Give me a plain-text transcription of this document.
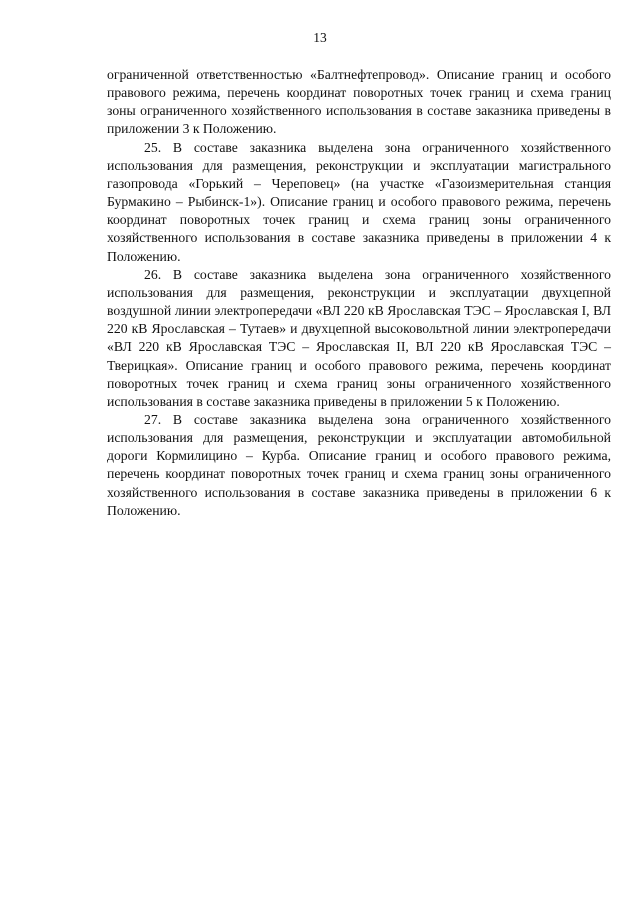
13

ограниченной ответственностью «Балтнефтепровод». Описание границ и особого правового режима, перечень координат поворотных точек границ и схема границ зоны ограниченного хозяйственного использования в составе заказника приведены в приложении 3 к Положению.

25. В составе заказника выделена зона ограниченного хозяйственного использования для размещения, реконструкции и эксплуатации магистрального газопровода «Горький – Череповец» (на участке «Газоизмерительная станция Бурмакино – Рыбинск-1»). Описание границ и особого правового режима, перечень координат поворотных точек границ и схема границ зоны ограниченного хозяйственного использования в составе заказника приведены в приложении 4 к Положению.

26. В составе заказника выделена зона ограниченного хозяйственного использования для размещения, реконструкции и эксплуатации двухцепной воздушной линии электропередачи «ВЛ 220 кВ Ярославская ТЭС – Ярославская I, ВЛ 220 кВ Ярославская – Тутаев» и двухцепной высоковольтной линии электропередачи «ВЛ 220 кВ Ярославская ТЭС – Ярославская II, ВЛ 220 кВ Ярославская ТЭС – Тверицкая». Описание границ и особого правового режима, перечень координат поворотных точек границ и схема границ зоны ограниченного хозяйственного использования в составе заказника приведены в приложении 5 к Положению.

27. В составе заказника выделена зона ограниченного хозяйственного использования для размещения, реконструкции и эксплуатации автомобильной дороги Кормилицино – Курба. Описание границ и особого правового режима, перечень координат поворотных точек границ и схема границ зоны ограниченного хозяйственного использования в составе заказника приведены в приложении 6 к Положению.
